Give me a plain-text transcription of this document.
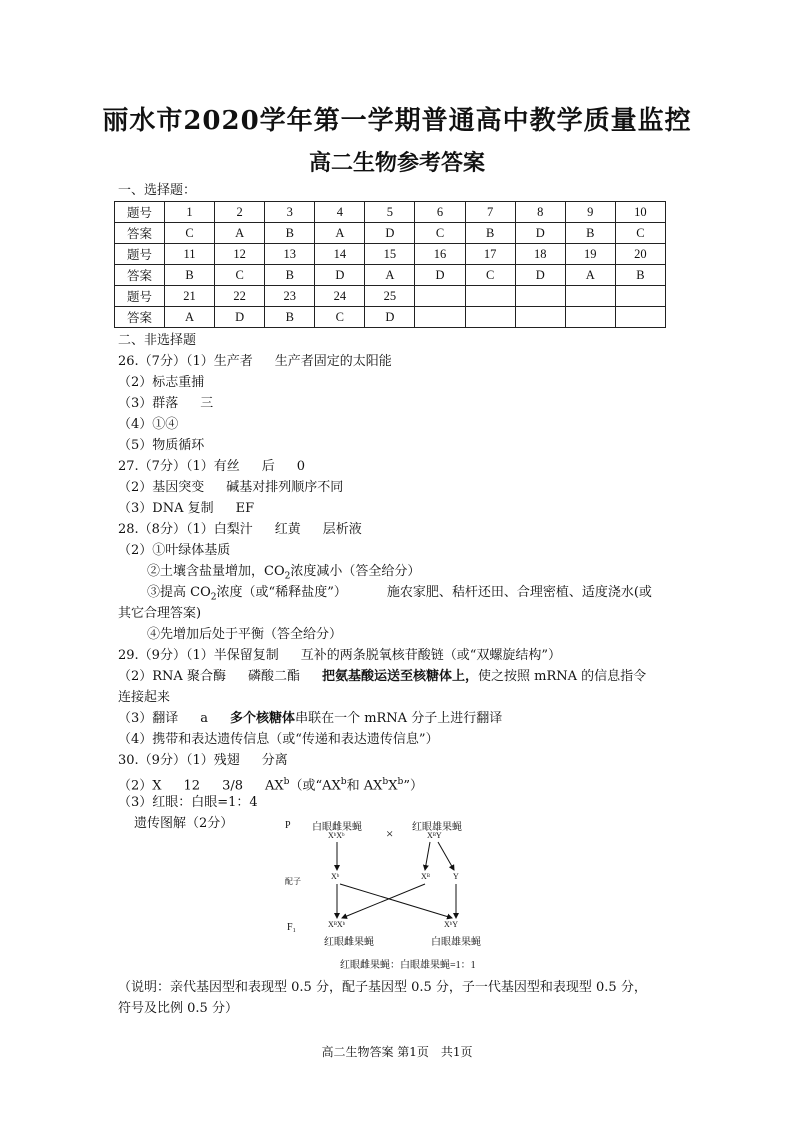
丽水市2020学年第一学期普通高中教学质量监控
高二生物参考答案
一、选择题：
题号	1	2	3	4	5	6	7	8	9	10
答案	C	A	B	A	D	C	B	D	B	C
题号	11	12	13	14	15	16	17	18	19	20
答案	B	C	B	D	A	D	C	D	A	B
题号	21	22	23	24	25					
答案	A	D	B	C	D					
二、非选择题
26.（7分）（1）生产者 生产者固定的太阳能
（2）标志重捕
（3）群落 三
（4）①④
（5）物质循环
27.（7分）（1）有丝 后 0
（2）基因突变 碱基对排列顺序不同
（3）DNA 复制 EF
28.（8分）（1）白梨汁 红黄 层析液
（2）①叶绿体基质
②土壤含盐量增加，$CO_2$浓度减小（答全给分）
③提高 $CO_2$浓度（或“稀释盐度”）	施农家肥、秸杆还田、合理密植、适度浇水(或
其它合理答案)
④先增加后处于平衡（答全给分）
29.（9分）（1）半保留复制 互补的两条脱氧核苷酸链（或“双螺旋结构”）
（2）RNA 聚合酶 磷酸二酯 把氨基酸运送至核糖体上，使之按照 mRNA 的信息指令
连接起来
（3）翻译 a 多个核糖体串联在一个 mRNA 分子上进行翻译
（4）携带和表达遗传信息（或“传递和表达遗传信息”）
30.（9分）（1）残翅 分离
（2）X 12 3/8 $AX^b$（或“$AX^b$和 $AX^bX^b$”）
（3）红眼：白眼=1：4
遗传图解（2分）	P 白眼雌果蝇
XᵇXᵇ	× 红眼雄果蝇
XᴮY
配子
Xᵇ	Xᴮ	Y
F₁	XᴮXᵇ
红眼雌果蝇
XᵇY
白眼雄果蝇
红眼雌果蝇：白眼雄果蝇=1：1
（说明：亲代基因型和表现型 0.5 分，配子基因型 0.5 分，子一代基因型和表现型 0.5 分，
符号及比例 0.5 分）
高二生物答案 第1页　共1页
